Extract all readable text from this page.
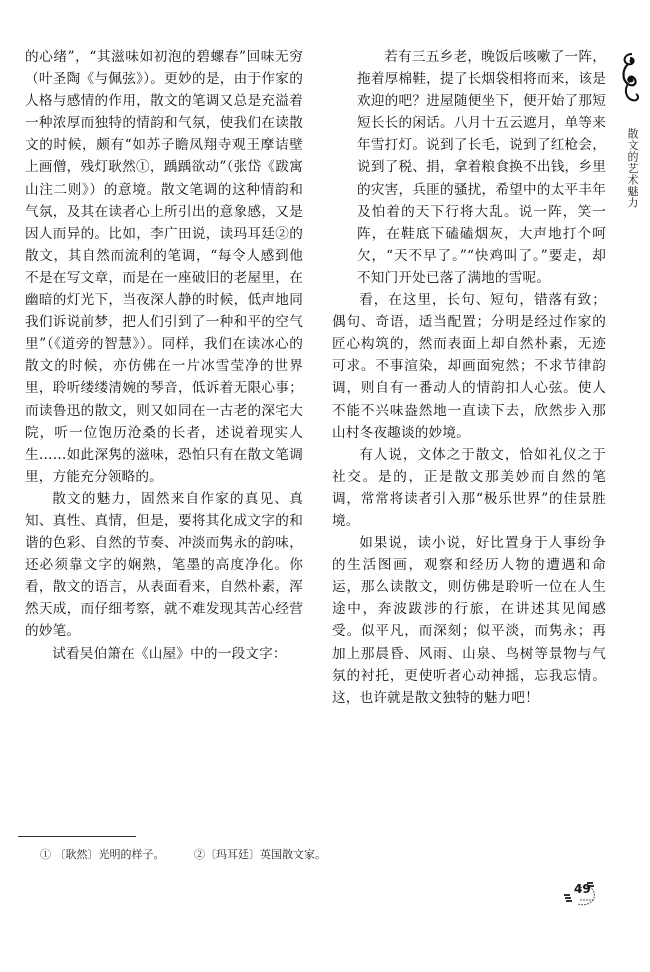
散文的艺术魅力

的心绪”，“其滋味如初泡的碧螺春”回味无穷（叶圣陶《与佩弦》）。更妙的是，由于作家的人格与感情的作用，散文的笔调又总是充溢着一种浓厚而独特的情韵和气氛，使我们在读散文的时候，颇有“如苏子瞻凤翔寺观王摩诘壁上画僧，残灯耿然①，踽踽欲动”（张岱《跋寓山注二则》）的意境。散文笔调的这种情韵和气氛，及其在读者心上所引出的意象感，又是因人而异的。比如，李广田说，读玛耳廷②的散文，其自然而流利的笔调，“每令人感到他不是在写文章，而是在一座破旧的老屋里，在幽暗的灯光下，当夜深人静的时候，低声地同我们诉说前梦，把人们引到了一种和平的空气里”（《道旁的智慧》）。同样，我们在读冰心的散文的时候，亦仿佛在一片冰雪莹净的世界里，聆听缕缕清婉的琴音，低诉着无限心事；而读鲁迅的散文，则又如同在一古老的深宅大院，听一位饱历沧桑的长者，述说着现实人生……如此深隽的滋味，恐怕只有在散文笔调里，方能充分领略的。

散文的魅力，固然来自作家的真见、真知、真性、真情，但是，要将其化成文字的和谐的色彩、自然的节奏、冲淡而隽永的韵味，还必须靠文字的娴熟，笔墨的高度净化。你看，散文的语言，从表面看来，自然朴素，浑然天成，而仔细考察，就不难发现其苦心经营的妙笔。

试看吴伯箫在《山屋》中的一段文字：

若有三五乡老，晚饭后咳嗽了一阵，拖着厚棉鞋，提了长烟袋相将而来，该是欢迎的吧？进屋随便坐下，便开始了那短短长长的闲话。八月十五云遮月，单等来年雪打灯。说到了长毛，说到了红枪会，说到了税、捐，拿着粮食换不出钱，乡里的灾害，兵匪的骚扰，希望中的太平丰年及怕着的天下行将大乱。说一阵，笑一阵，在鞋底下磕磕烟灰，大声地打个呵欠，“天不早了。”“快鸡叫了。”要走，却不知门开处已落了满地的雪呢。

看，在这里，长句、短句，错落有致；偶句、奇语，适当配置；分明是经过作家的匠心构筑的，然而表面上却自然朴素，无迹可求。不事渲染，却画面宛然；不求节律韵调，则自有一番动人的情韵扣人心弦。使人不能不兴味盎然地一直读下去，欣然步入那山村冬夜趣谈的妙境。

有人说，文体之于散文，恰如礼仪之于社交。是的，正是散文那美妙而自然的笔调，常常将读者引入那“极乐世界”的佳景胜境。

如果说，读小说，好比置身于人事纷争的生活图画，观察和经历人物的遭遇和命运，那么读散文，则仿佛是聆听一位在人生途中，奔波跋涉的行旅，在讲述其见闻感受。似平凡，而深刻；似平淡，而隽永；再加上那晨昏、风雨、山泉、鸟树等景物与气氛的衬托，更使听者心动神摇，忘我忘情。这，也许就是散文独特的魅力吧！

① 〔耿然〕光明的样子。	②〔玛耳廷〕英国散文家。
49
